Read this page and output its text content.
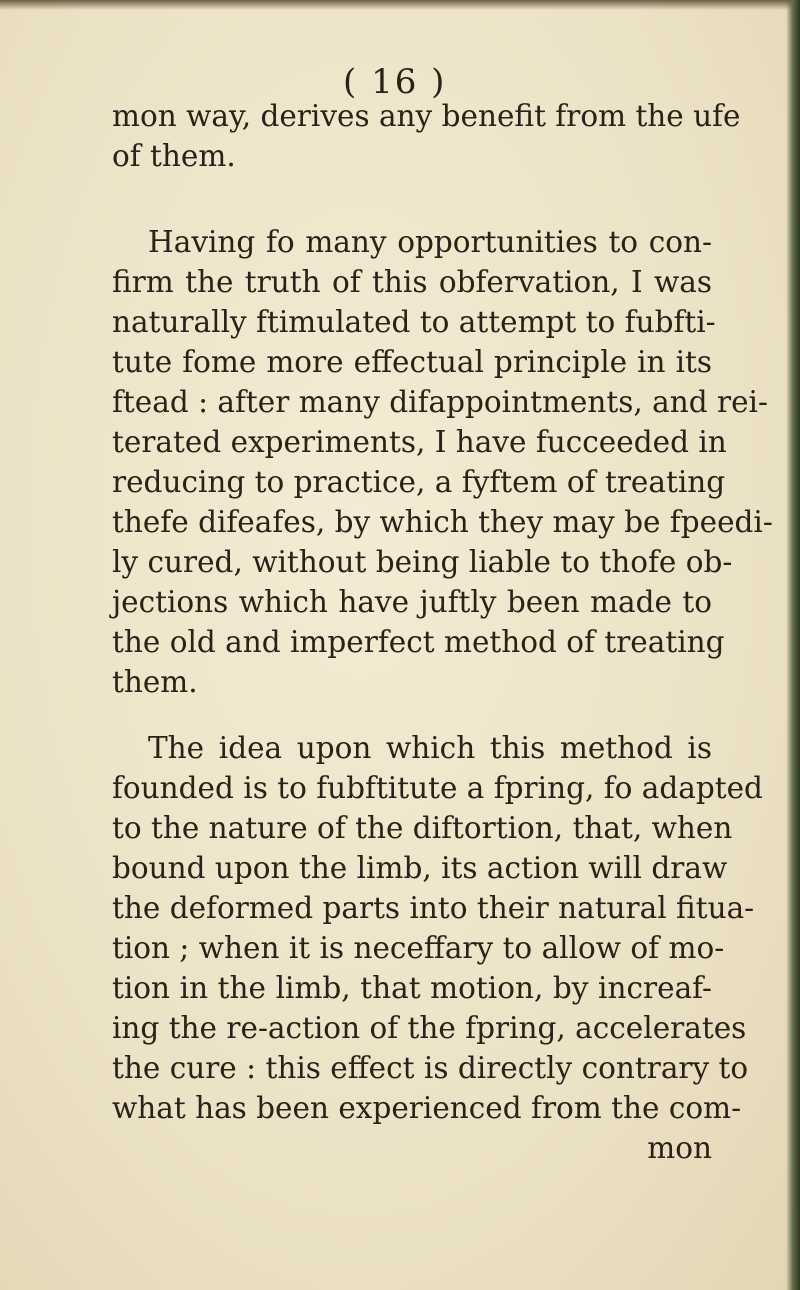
( 16 )
mon way, derives any benefit from the ufe
of them.
Having fo many opportunities to con-
firm the truth of this obfervation, I was
naturally ftimulated to attempt to fubfti-
tute fome more effectual principle in its
ftead : after many difappointments, and rei-
terated experiments, I have fucceeded in
reducing to practice, a fyftem of treating
thefe difeafes, by which they may be fpeedi-
ly cured, without being liable to thofe ob-
jections which have juftly been made to
the old and imperfect method of treating
them.
The idea upon which this method is
founded is to fubftitute a fpring, fo adapted
to the nature of the diftortion, that, when
bound upon the limb, its action will draw
the deformed parts into their natural fitua-
tion ; when it is neceffary to allow of mo-
tion in the limb, that motion, by increaf-
ing the re-action of the fpring, accelerates
the cure : this effect is directly contrary to
what has been experienced from the com-
mon
